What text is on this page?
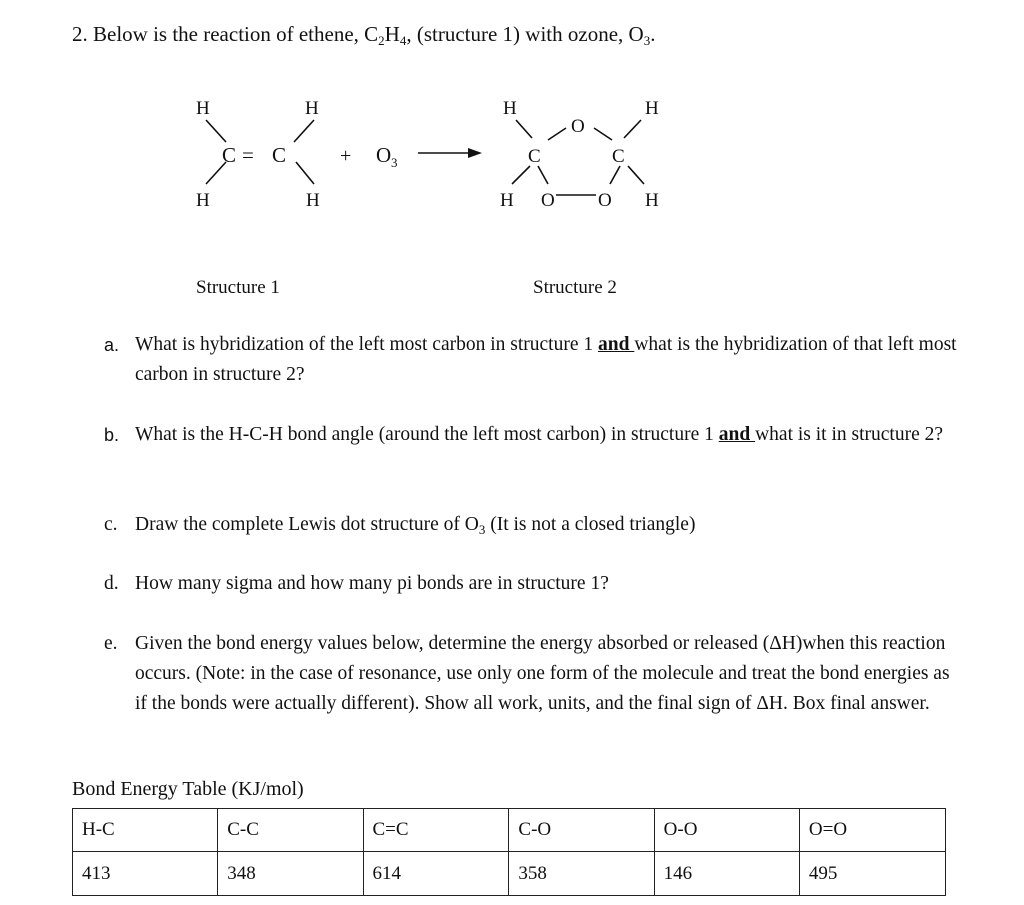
2. Below is the reaction of ethene, $C_2H_4$, (structure 1) with ozone, $O_3$.
H	H
C = C
H	H
+ O 3
H	H
O
C	C
H O O H
Structure 1	Structure 2
a. What is hybridization of the left most carbon in structure 1 and what is the hybridization of that left most carbon in structure 2?
b. What is the H-C-H bond angle (around the left most carbon) in structure 1 and what is it in structure 2?
c. Draw the complete Lewis dot structure of $O_3$ (It is not a closed triangle)
d. How many sigma and how many pi bonds are in structure 1?
e. Given the bond energy values below, determine the energy absorbed or released (ΔH)when this reaction occurs. (Note: in the case of resonance, use only one form of the molecule and treat the bond energies as if the bonds were actually different). Show all work, units, and the final sign of ΔH. Box final answer.
Bond Energy Table (KJ/mol)
H-C	C-C	C=C	C-O	O-O	O=O
413	348	614	358	146	495
